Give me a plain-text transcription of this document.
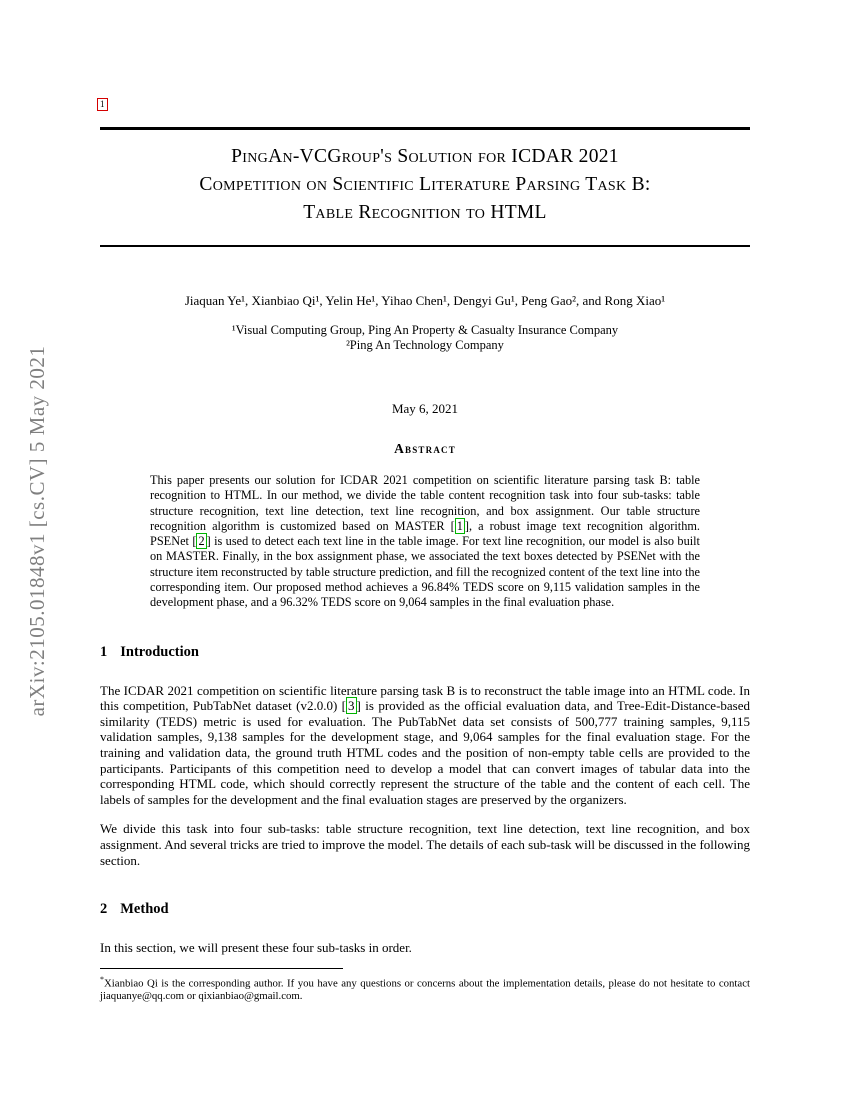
arXiv:2105.01848v1 [cs.CV] 5 May 2021
1
PingAn-VCGroup's Solution for ICDAR 2021
Competition on Scientific Literature Parsing Task B:
Table Recognition to HTML
Jiaquan Ye¹, Xianbiao Qi¹, Yelin He¹, Yihao Chen¹, Dengyi Gu¹, Peng Gao², and Rong Xiao¹
¹Visual Computing Group, Ping An Property & Casualty Insurance Company
²Ping An Technology Company
May 6, 2021
Abstract
This paper presents our solution for ICDAR 2021 competition on scientific literature parsing task B: table recognition to HTML. In our method, we divide the table content recognition task into four sub-tasks: table structure recognition, text line detection, text line recognition, and box assignment. Our table structure recognition algorithm is customized based on MASTER [ 1 ], a robust image text recognition algorithm. PSENet [ 2 ] is used to detect each text line in the table image. For text line recognition, our model is also built on MASTER. Finally, in the box assignment phase, we associated the text boxes detected by PSENet with the structure item reconstructed by table structure prediction, and fill the recognized content of the text line into the corresponding item. Our proposed method achieves a 96.84% TEDS score on 9,115 validation samples in the development phase, and a 96.32% TEDS score on 9,064 samples in the final evaluation phase.
1 Introduction

The ICDAR 2021 competition on scientific literature parsing task B is to reconstruct the table image into an HTML code. In this competition, PubTabNet dataset (v2.0.0) [ 3 ] is provided as the official evaluation data, and Tree-Edit-Distance-based similarity (TEDS) metric is used for evaluation. The PubTabNet data set consists of 500,777 training samples, 9,115 validation samples, 9,138 samples for the development stage, and 9,064 samples for the final evaluation stage. For the training and validation data, the ground truth HTML codes and the position of non-empty table cells are provided to the participants. Participants of this competition need to develop a model that can convert images of tabular data into the corresponding HTML code, which should correctly represent the structure of the table and the content of each cell. The labels of samples for the development and the final evaluation stages are preserved by the organizers.

We divide this task into four sub-tasks: table structure recognition, text line detection, text line recognition, and box assignment. And several tricks are tried to improve the model. The details of each sub-task will be discussed in the following section.

2 Method

In this section, we will present these four sub-tasks in order.

*Xianbiao Qi is the corresponding author. If you have any questions or concerns about the implementation details, please do not hesitate to contact jiaquanye@qq.com or qixianbiao@gmail.com.
